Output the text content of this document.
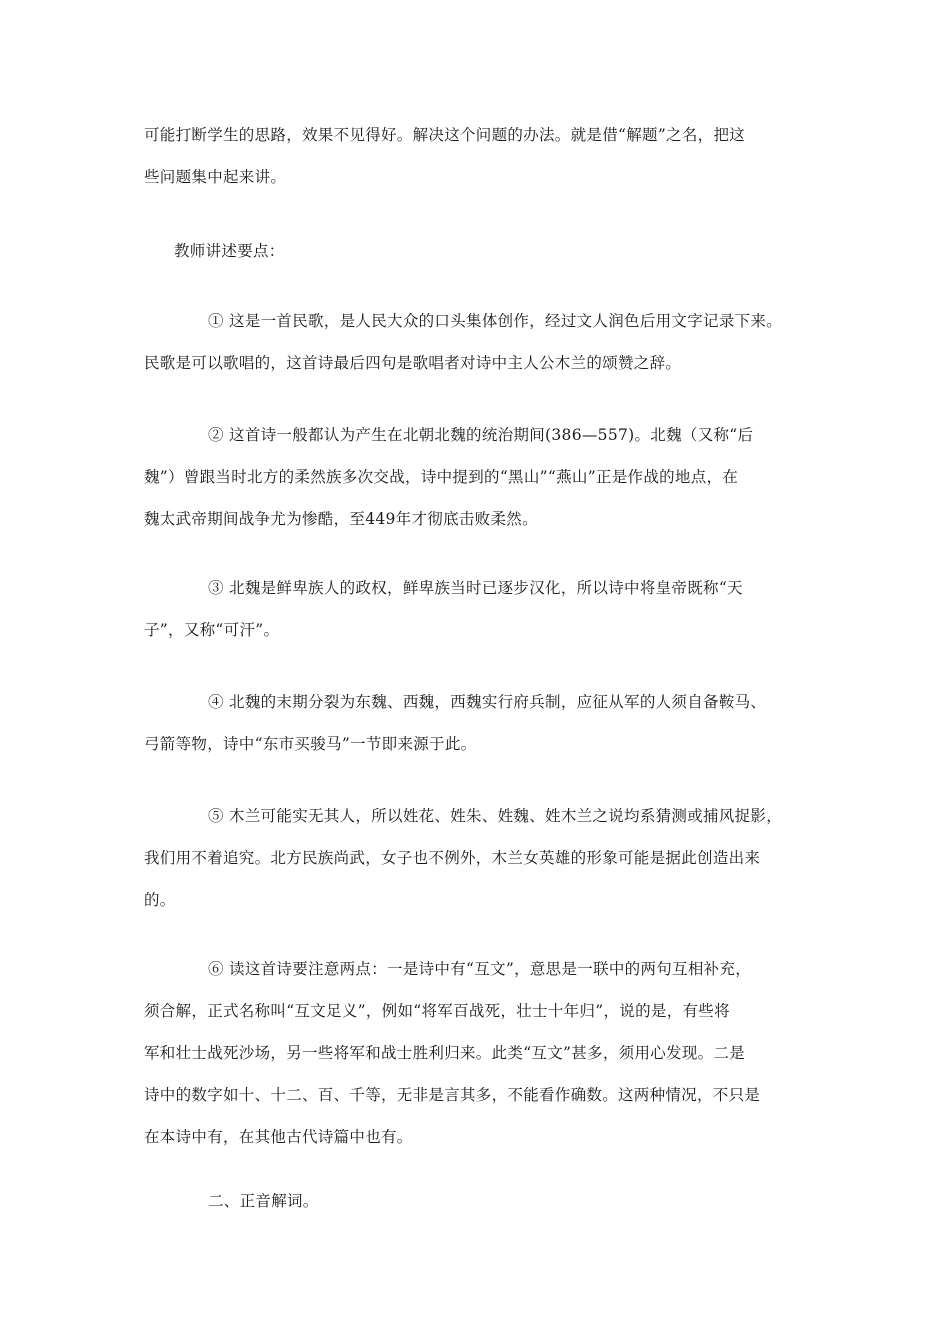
可能打断学生的思路，效果不见得好。解决这个问题的办法。就是借“解题”之名，把这
些问题集中起来讲。
教师讲述要点：
① 这是一首民歌，是人民大众的口头集体创作，经过文人润色后用文字记录下来。
民歌是可以歌唱的，这首诗最后四句是歌唱者对诗中主人公木兰的颂赞之辞。
② 这首诗一般都认为产生在北朝北魏的统治期间(386—557)。北魏（又称“后
魏”）曾跟当时北方的柔然族多次交战，诗中提到的“黑山”“燕山”正是作战的地点，在
魏太武帝期间战争尤为惨酷，至449年才彻底击败柔然。
③ 北魏是鲜卑族人的政权，鲜卑族当时已逐步汉化，所以诗中将皇帝既称“天
子”，又称“可汗”。
④ 北魏的末期分裂为东魏、西魏，西魏实行府兵制，应征从军的人须自备鞍马、
弓箭等物，诗中“东市买骏马”一节即来源于此。
⑤ 木兰可能实无其人，所以姓花、姓朱、姓魏、姓木兰之说均系猜测或捕风捉影，
我们用不着追究。北方民族尚武，女子也不例外，木兰女英雄的形象可能是据此创造出来
的。
⑥ 读这首诗要注意两点：一是诗中有“互文”，意思是一联中的两句互相补充，
须合解，正式名称叫“互文足义”，例如“将军百战死，壮士十年归”，说的是，有些将
军和壮士战死沙场，另一些将军和战士胜利归来。此类“互文”甚多，须用心发现。二是
诗中的数字如十、十二、百、千等，无非是言其多，不能看作确数。这两种情况，不只是
在本诗中有，在其他古代诗篇中也有。
二、正音解词。
